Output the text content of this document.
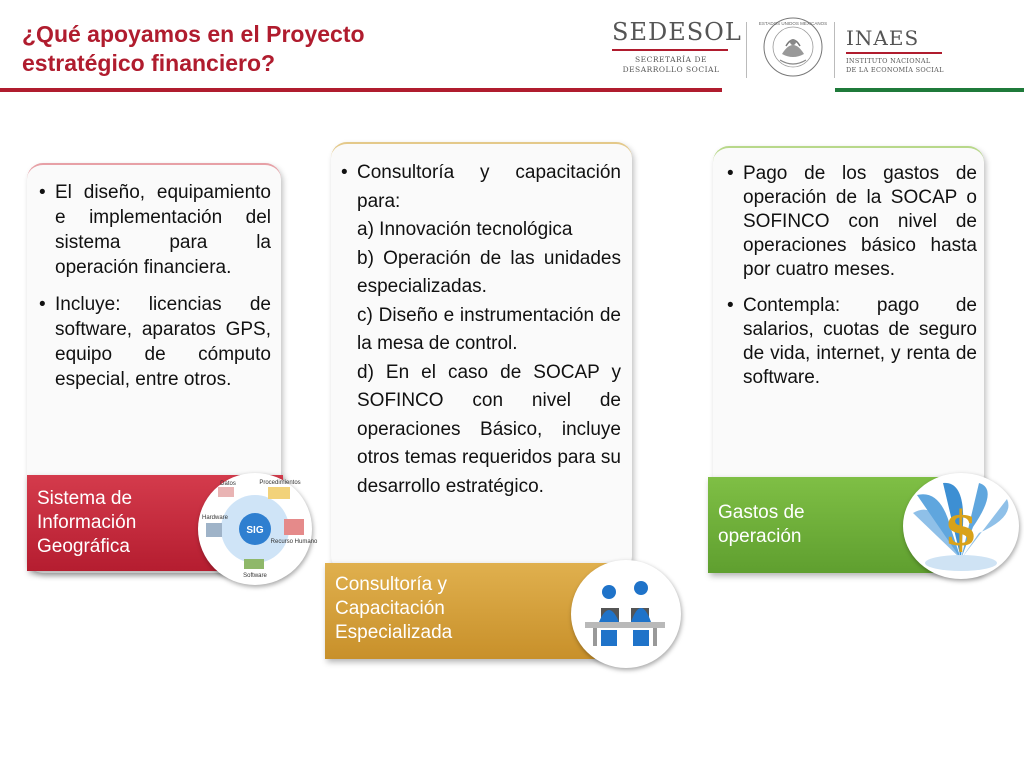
¿Qué apoyamos en el Proyecto estratégico financiero?
SEDESOL
SECRETARÍA DE
DESARROLLO SOCIAL
ESTADOS UNIDOS MEXICANOS
INAES
INSTITUTO NACIONAL
DE LA ECONOMÍA SOCIAL
• El diseño, equipamiento e implementación del sistema para la operación financiera.
• Incluye: licencias de software, aparatos GPS, equipo de cómputo especial, entre otros.
Sistema de Información Geográfica
SIG
Datos	Procedimientos
Hardware
Recurso Humano
Software
• Consultoría y capacitación para:
a) Innovación tecnológica
b) Operación de las unidades especializadas.
c) Diseño e instrumentación de la mesa de control.
d) En el caso de SOCAP y SOFINCO con nivel de operaciones Básico, incluye otros temas requeridos para su desarrollo estratégico.
Consultoría y Capacitación Especializada
• Pago de los gastos de operación de la SOCAP o SOFINCO con nivel de operaciones básico hasta por cuatro meses.
• Contempla: pago de salarios, cuotas de seguro de vida, internet, y renta de software.
Gastos de operación	$
